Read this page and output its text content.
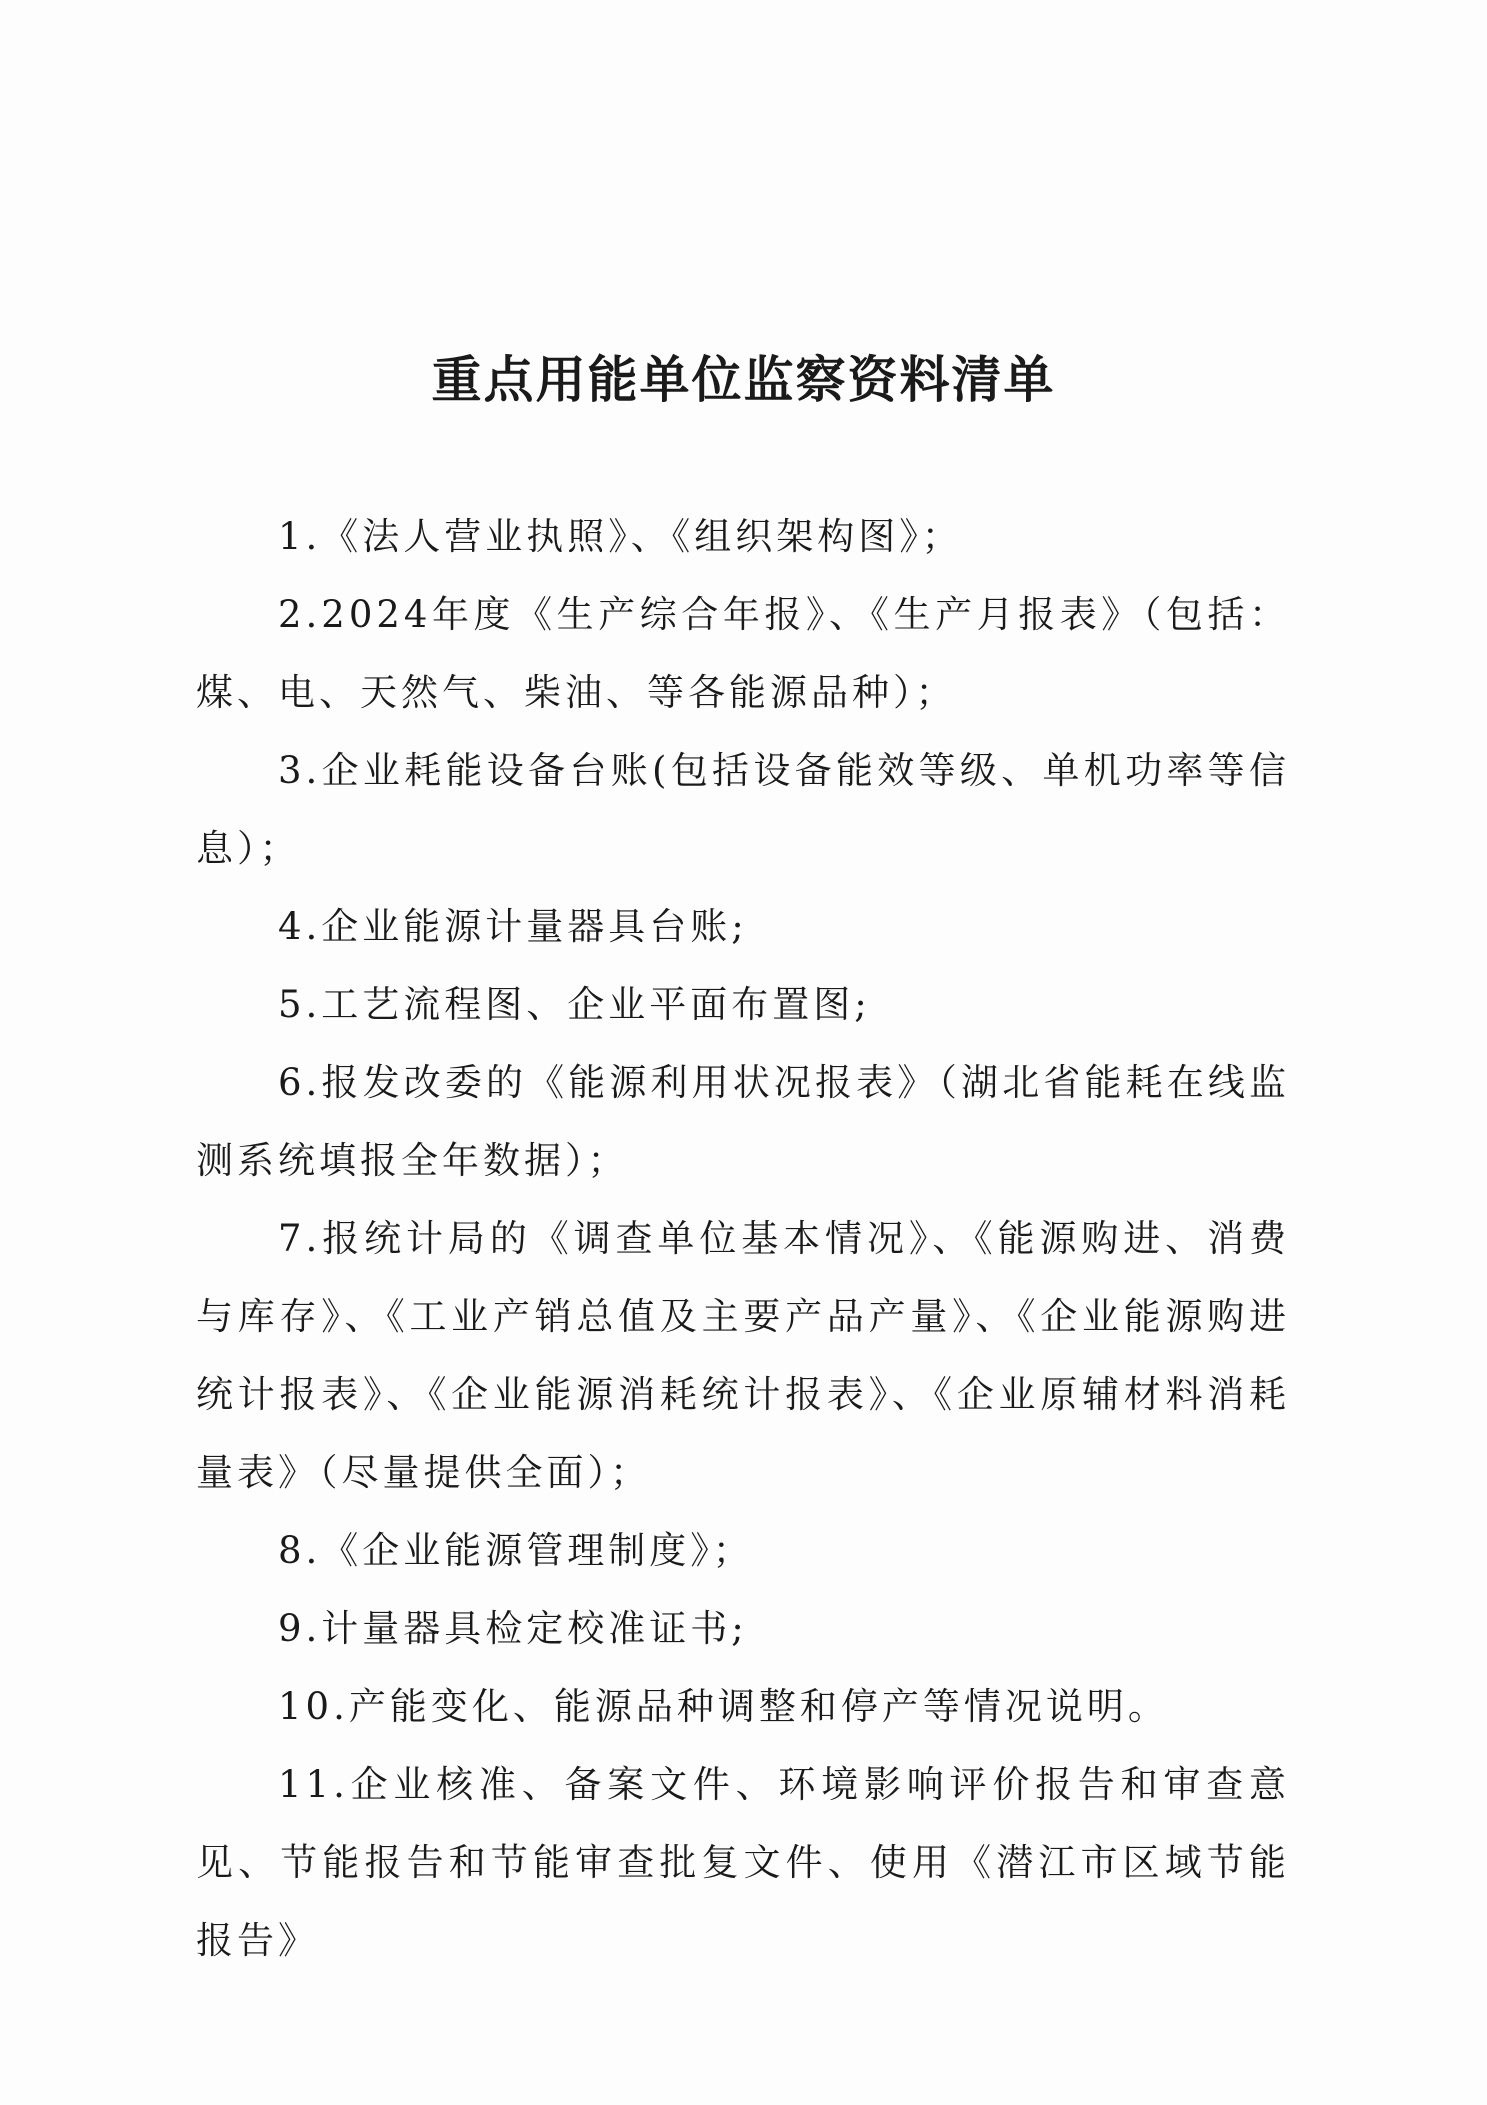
重点用能单位监察资料清单

1.《法人营业执照》、《组织架构图》；

2.2024年度《生产综合年报》、《生产月报表》（包括：煤、电、天然气、柴油、等各能源品种）；

3.企业耗能设备台账(包括设备能效等级、单机功率等信息）；

4.企业能源计量器具台账;

5.工艺流程图、企业平面布置图;

6.报发改委的《能源利用状况报表》（湖北省能耗在线监测系统填报全年数据）；

7.报统计局的《调查单位基本情况》、《能源购进、消费与库存》、《工业产销总值及主要产品产量》、《企业能源购进统计报表》、《企业能源消耗统计报表》、《企业原辅材料消耗量表》（尽量提供全面）；

8.《企业能源管理制度》；

9.计量器具检定校准证书;

10.产能变化、能源品种调整和停产等情况说明。

11.企业核准、备案文件、环境影响评价报告和审查意见、节能报告和节能审查批复文件、使用《潜江市区域节能报告》
